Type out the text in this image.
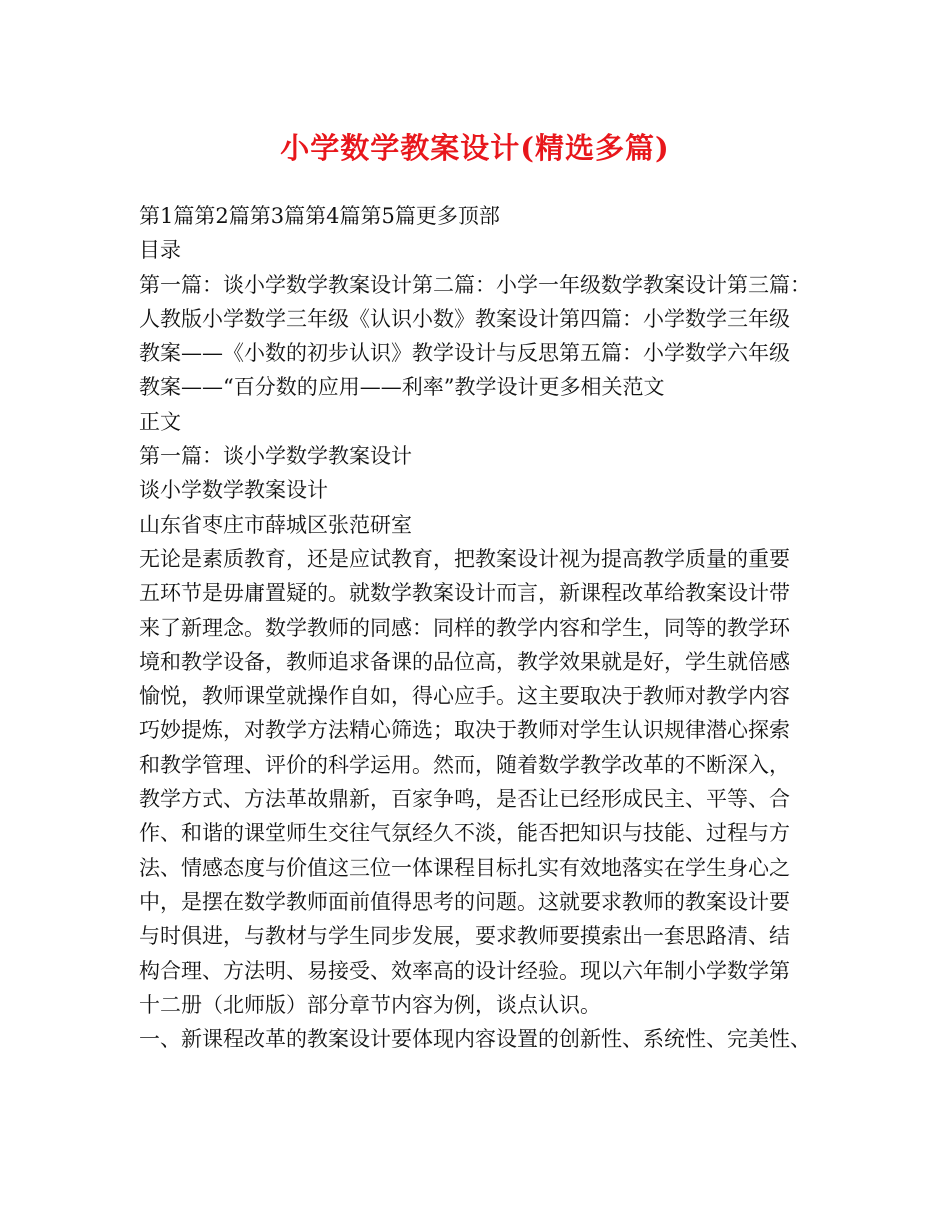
小学数学教案设计(精选多篇)
第1篇第2篇第3篇第4篇第5篇更多顶部
目录
第一篇：谈小学数学教案设计第二篇：小学一年级数学教案设计第三篇：
人教版小学数学三年级《认识小数》教案设计第四篇：小学数学三年级
教案——《小数的初步认识》教学设计与反思第五篇：小学数学六年级
教案——“百分数的应用——利率”教学设计更多相关范文
正文
第一篇：谈小学数学教案设计
谈小学数学教案设计
山东省枣庄市薛城区张范研室
无论是素质教育，还是应试教育，把教案设计视为提高教学质量的重要
五环节是毋庸置疑的。就数学教案设计而言，新课程改革给教案设计带
来了新理念。数学教师的同感：同样的教学内容和学生，同等的教学环
境和教学设备，教师追求备课的品位高，教学效果就是好，学生就倍感
愉悦，教师课堂就操作自如，得心应手。这主要取决于教师对教学内容
巧妙提炼，对教学方法精心筛选；取决于教师对学生认识规律潜心探索
和教学管理、评价的科学运用。然而，随着数学教学改革的不断深入，
教学方式、方法革故鼎新，百家争鸣，是否让已经形成民主、平等、合
作、和谐的课堂师生交往气氛经久不淡，能否把知识与技能、过程与方
法、情感态度与价值这三位一体课程目标扎实有效地落实在学生身心之
中，是摆在数学教师面前值得思考的问题。这就要求教师的教案设计要
与时俱进，与教材与学生同步发展，要求教师要摸索出一套思路清、结
构合理、方法明、易接受、效率高的设计经验。现以六年制小学数学第
十二册（北师版）部分章节内容为例，谈点认识。
一、新课程改革的教案设计要体现内容设置的创新性、系统性、完美性、
